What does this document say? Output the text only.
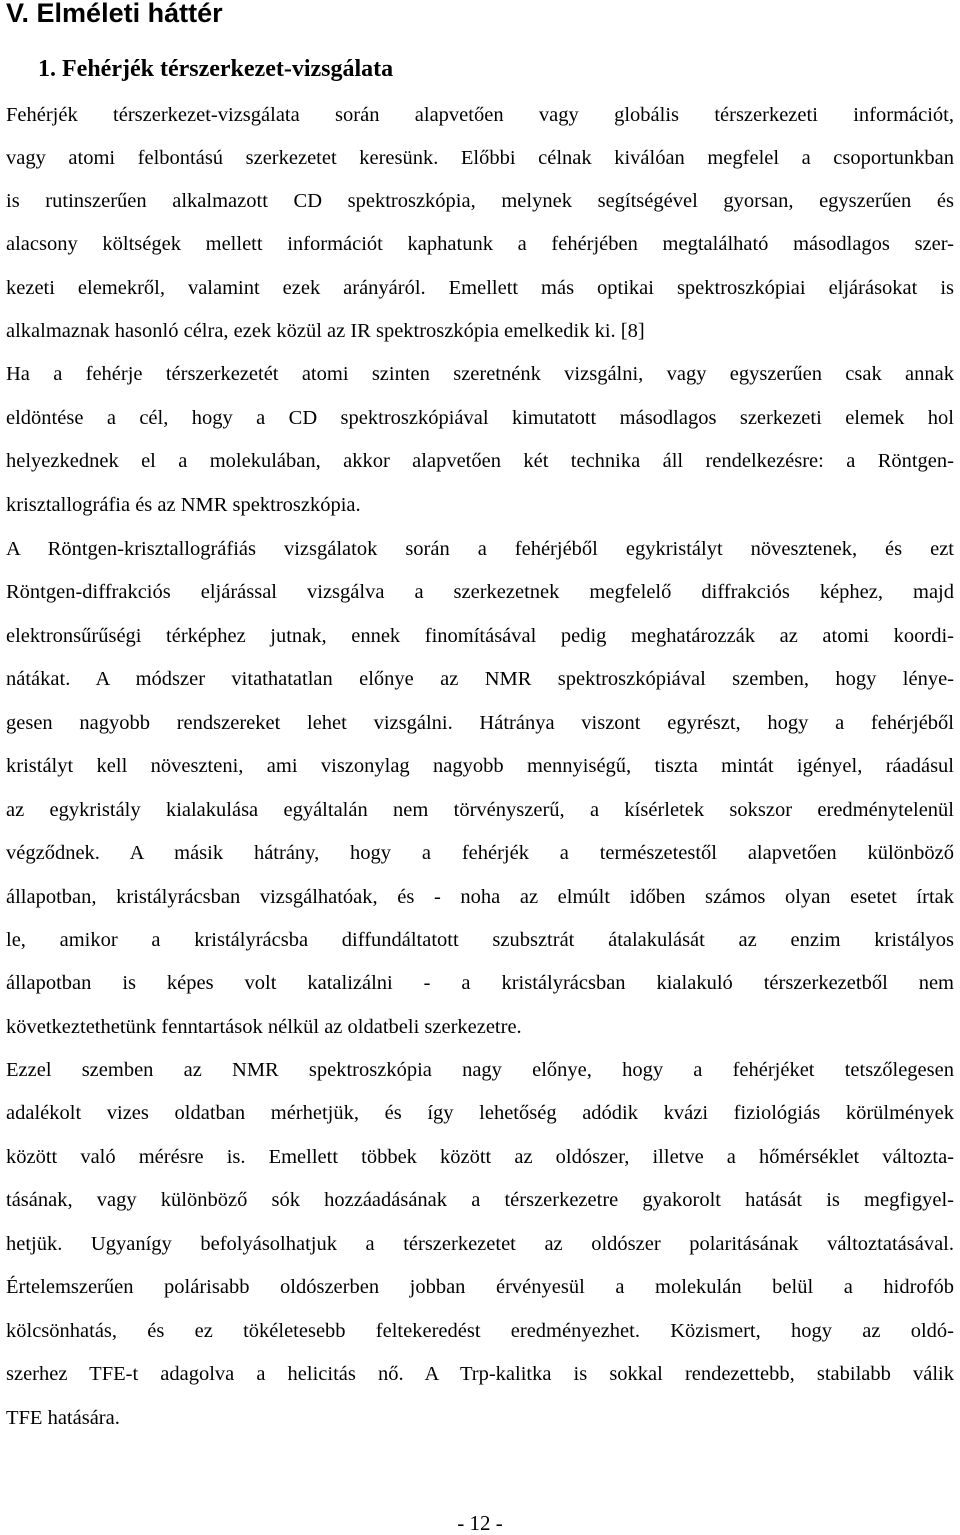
V. Elméleti háttér
1. Fehérjék térszerkezet-vizsgálata
Fehérjék térszerkezet-vizsgálata során alapvetően vagy globális térszerkezeti információt,
vagy atomi felbontású szerkezetet keresünk. Előbbi célnak kiválóan megfelel a csoportunkban
is rutinszerűen alkalmazott CD spektroszkópia, melynek segítségével gyorsan, egyszerűen és
alacsony költségek mellett információt kaphatunk a fehérjében megtalálható másodlagos szer-
kezeti elemekről, valamint ezek arányáról. Emellett más optikai spektroszkópiai eljárásokat is
alkalmaznak hasonló célra, ezek közül az IR spektroszkópia emelkedik ki. [8]
Ha a fehérje térszerkezetét atomi szinten szeretnénk vizsgálni, vagy egyszerűen csak annak
eldöntése a cél, hogy a CD spektroszkópiával kimutatott másodlagos szerkezeti elemek hol
helyezkednek el a molekulában, akkor alapvetően két technika áll rendelkezésre: a Röntgen-
krisztallográfia és az NMR spektroszkópia.
A Röntgen-krisztallográfiás vizsgálatok során a fehérjéből egykristályt növesztenek, és ezt
Röntgen-diffrakciós eljárással vizsgálva a szerkezetnek megfelelő diffrakciós képhez, majd
elektronsűrűségi térképhez jutnak, ennek finomításával pedig meghatározzák az atomi koordi-
nátákat. A módszer vitathatatlan előnye az NMR spektroszkópiával szemben, hogy lénye-
gesen nagyobb rendszereket lehet vizsgálni. Hátránya viszont egyrészt, hogy a fehérjéből
kristályt kell növeszteni, ami viszonylag nagyobb mennyiségű, tiszta mintát igényel, ráadásul
az egykristály kialakulása egyáltalán nem törvényszerű, a kísérletek sokszor eredménytelenül
végződnek. A másik hátrány, hogy a fehérjék a természetestől alapvetően különböző
állapotban, kristályrácsban vizsgálhatóak, és - noha az elmúlt időben számos olyan esetet írtak
le, amikor a kristályrácsba diffundáltatott szubsztrát átalakulását az enzim kristályos
állapotban is képes volt katalizálni - a kristályrácsban kialakuló térszerkezetből nem
következtethetünk fenntartások nélkül az oldatbeli szerkezetre.
Ezzel szemben az NMR spektroszkópia nagy előnye, hogy a fehérjéket tetszőlegesen
adalékolt vizes oldatban mérhetjük, és így lehetőség adódik kvázi fiziológiás körülmények
között való mérésre is. Emellett többek között az oldószer, illetve a hőmérséklet változta-
tásának, vagy különböző sók hozzáadásának a térszerkezetre gyakorolt hatását is megfigyel-
hetjük. Ugyanígy befolyásolhatjuk a térszerkezetet az oldószer polaritásának változtatásával.
Értelemszerűen polárisabb oldószerben jobban érvényesül a molekulán belül a hidrofób
kölcsönhatás, és ez tökéletesebb feltekeredést eredményezhet. Közismert, hogy az oldó-
szerhez TFE-t adagolva a helicitás nő. A Trp-kalitka is sokkal rendezettebb, stabilabb válik
TFE hatására.
- 12 -
